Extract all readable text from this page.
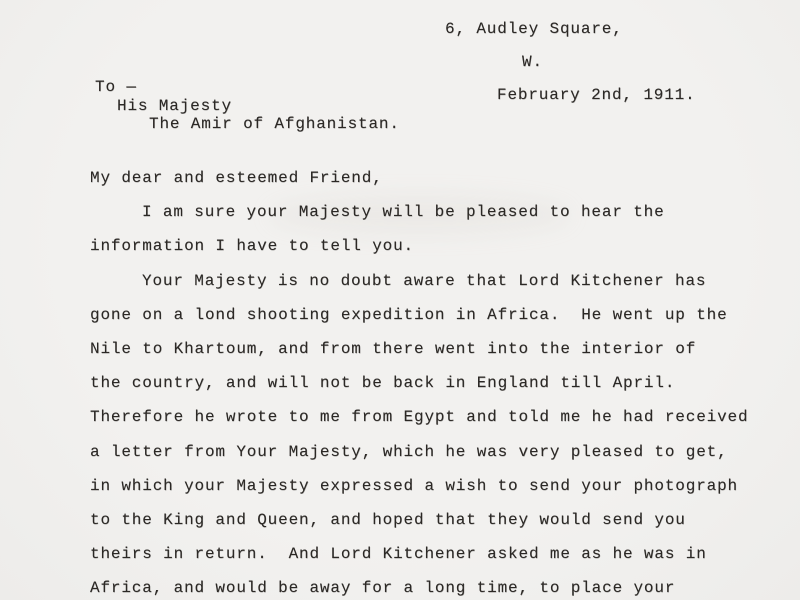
6, Audley Square,
W.
February 2nd, 1911.
To —
His Majesty
The Amir of Afghanistan.
My dear and esteemed Friend,
I am sure your Majesty will be pleased to hear the
information I have to tell you.
Your Majesty is no doubt aware that Lord Kitchener has
gone on a lond shooting expedition in Africa.  He went up the
Nile to Khartoum, and from there went into the interior of
the country, and will not be back in England till April.
Therefore he wrote to me from Egypt and told me he had received
a letter from Your Majesty, which he was very pleased to get,
in which your Majesty expressed a wish to send your photograph
to the King and Queen, and hoped that they would send you
theirs in return.  And Lord Kitchener asked me as he was in
Africa, and would be away for a long time, to place your
